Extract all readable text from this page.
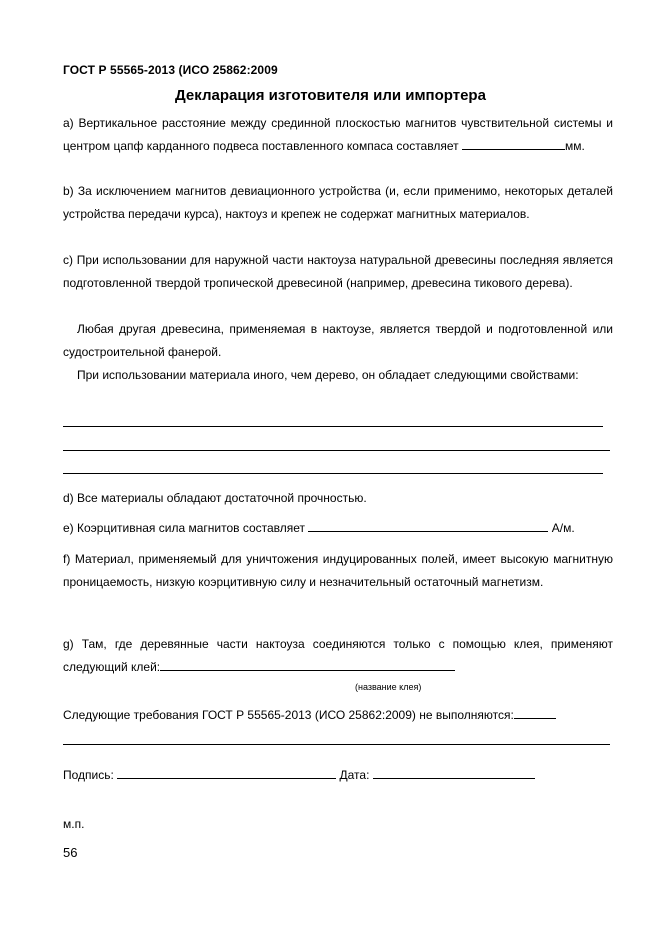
ГОСТ Р 55565-2013 (ИСО 25862:2009
Декларация изготовителя или импортера
а) Вертикальное расстояние между срединной плоскостью магнитов чувствительной системы и центром цапф карданного подвеса поставленного компаса составляет	мм.
b) За исключением магнитов девиационного устройства (и, если применимо, некоторых деталей устройства передачи курса), нактоуз и крепеж не содержат магнитных материалов.
с) При использовании для наружной части нактоуза натуральной древесины последняя является подготовленной твердой тропической древесиной (например, древесина тикового дерева).
Любая другая древесина, применяемая в нактоузе, является твердой и подготовленной или судостроительной фанерой.
При использовании материала иного, чем дерево, он обладает следующими свойствами:
d) Все материалы обладают достаточной прочностью.
е) Коэрцитивная сила магнитов составляет	А/м.
f) Материал, применяемый для уничтожения индуцированных полей, имеет высокую магнитную проницаемость, низкую коэрцитивную силу и незначительный остаточный магнетизм.
g) Там, где деревянные части нактоуза соединяются только с помощью клея, применяют следующий клей:
(название клея)
Следующие требования ГОСТ Р 55565-2013 (ИСО 25862:2009) не выполняются:
Подпись:	Дата:
м.п.
56
